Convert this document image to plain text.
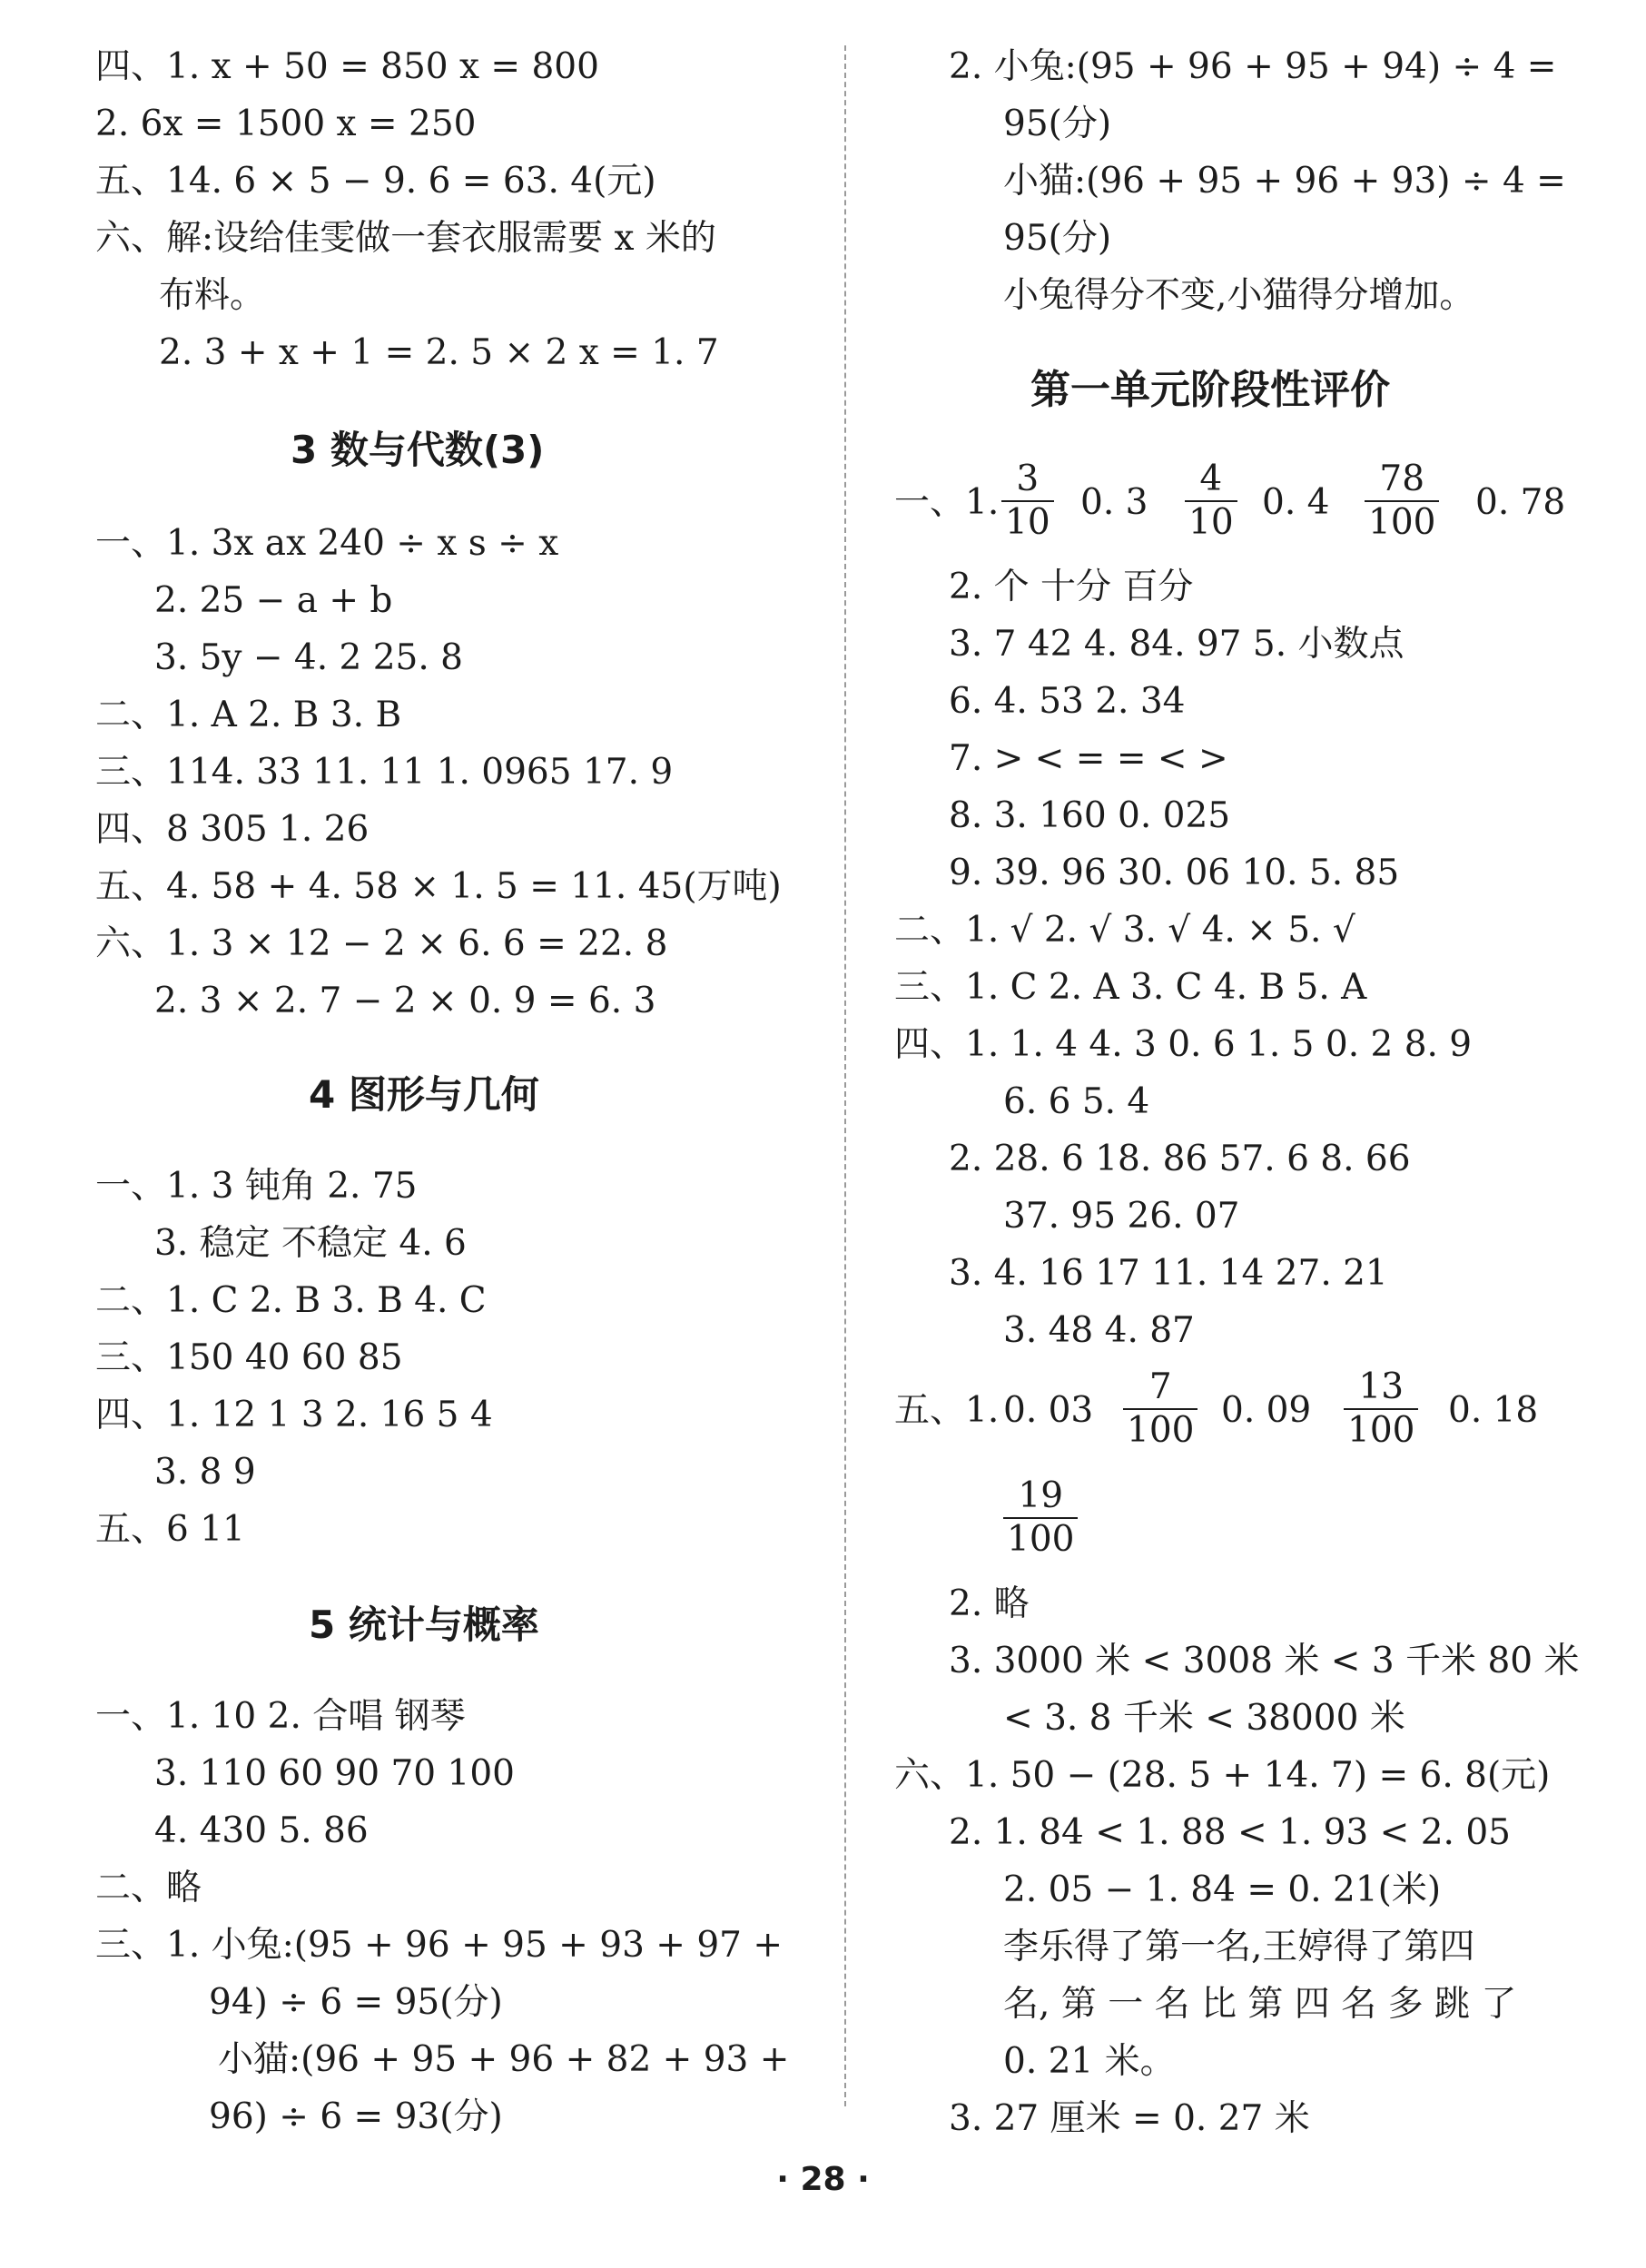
四、1. x + 50 = 850 x = 800
2. 6x = 1500 x = 250
五、14. 6 × 5 − 9. 6 = 63. 4(元)
六、解:设给佳雯做一套衣服需要 x 米的
布料。
2. 3 + x + 1 = 2. 5 × 2 x = 1. 7
3 数与代数(3)
一、1. 3x ax 240 ÷ x s ÷ x
2. 25 − a + b
3. 5y − 4. 2 25. 8
二、1. A 2. B 3. B
三、114. 33 11. 11 1. 0965 17. 9
四、8 305 1. 26
五、4. 58 + 4. 58 × 1. 5 = 11. 45(万吨)
六、1. 3 × 12 − 2 × 6. 6 = 22. 8
2. 3 × 2. 7 − 2 × 0. 9 = 6. 3
4 图形与几何
一、1. 3 钝角 2. 75
3. 稳定 不稳定 4. 6
二、1. C 2. B 3. B 4. C
三、150 40 60 85
四、1. 12 1 3 2. 16 5 4
3. 8 9
五、6 11
5 统计与概率
一、1. 10 2. 合唱 钢琴
3. 110 60 90 70 100
4. 430 5. 86
二、略
三、1. 小兔:(95 + 96 + 95 + 93 + 97 +
94) ÷ 6 = 95(分)
小猫:(96 + 95 + 96 + 82 + 93 +
96) ÷ 6 = 93(分)
2. 小兔:(95 + 96 + 95 + 94) ÷ 4 =
95(分)
小猫:(96 + 95 + 96 + 93) ÷ 4 =
95(分)
小兔得分不变,小猫得分增加。
第一单元阶段性评价
一、1.
3
10 0. 3
4
10 0. 4
78
100 0. 78
2. 个 十分 百分
3. 7 42 4. 84. 97 5. 小数点
6. 4. 53 2. 34
7. > < = = < >
8. 3. 160 0. 025
9. 39. 96 30. 06 10. 5. 85
二、1. √ 2. √ 3. √ 4. × 5. √
三、1. C 2. A 3. C 4. B 5. A
四、1. 1. 4 4. 3 0. 6 1. 5 0. 2 8. 9
6. 6 5. 4
2. 28. 6 18. 86 57. 6 8. 66
37. 95 26. 07
3. 4. 16 17 11. 14 27. 21
3. 48 4. 87
五、1. 0. 03
7
100 0. 09
13
100 0. 18
19
100
2. 略
3. 3000 米 < 3008 米 < 3 千米 80 米
< 3. 8 千米 < 38000 米
六、1. 50 − (28. 5 + 14. 7) = 6. 8(元)
2. 1. 84 < 1. 88 < 1. 93 < 2. 05
2. 05 − 1. 84 = 0. 21(米)
李乐得了第一名,王婷得了第四
名, 第 一 名 比 第 四 名 多 跳 了
0. 21 米。
3. 27 厘米 = 0. 27 米
· 28 ·
